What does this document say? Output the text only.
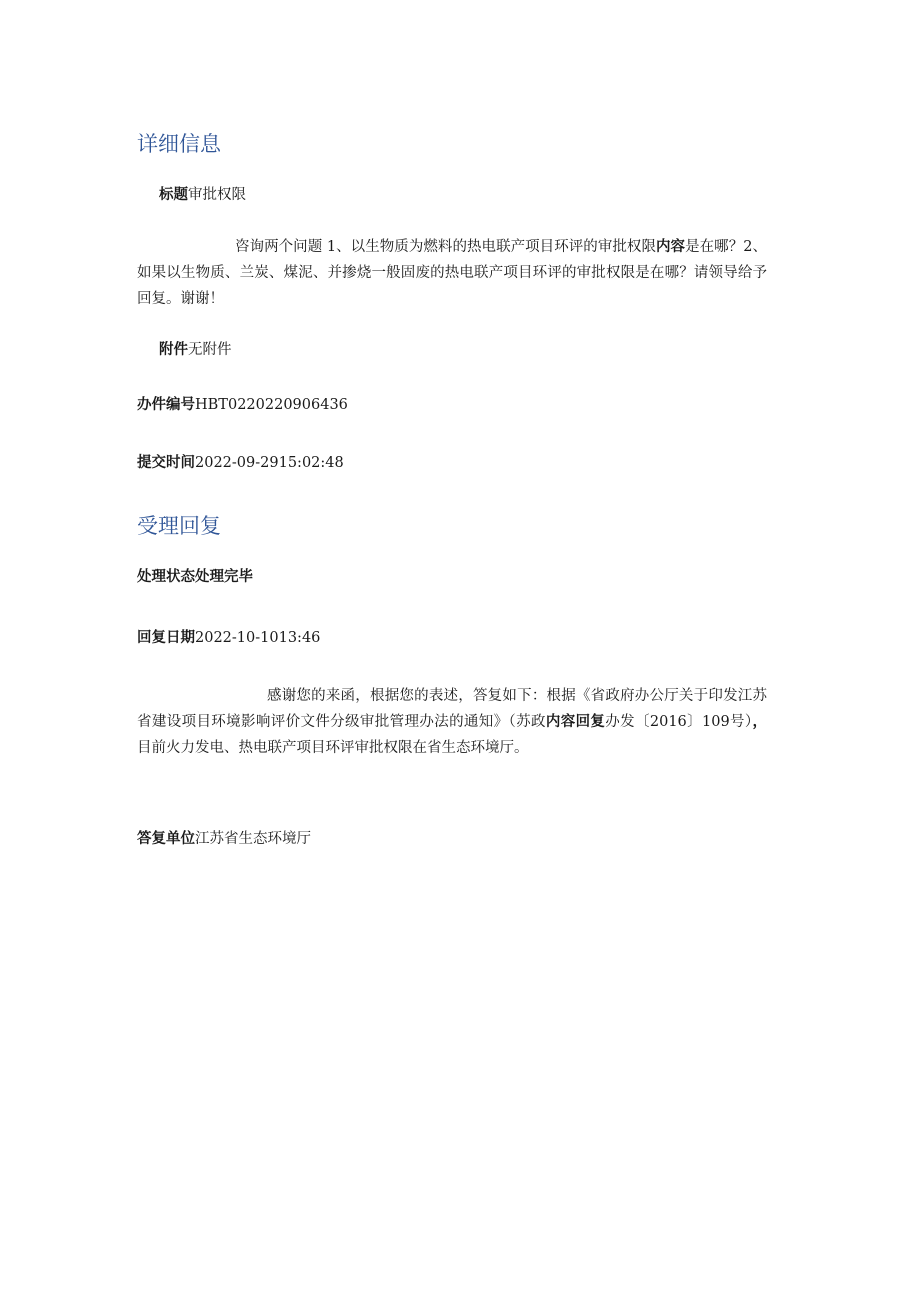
详细信息
标题审批权限

咨询两个问题 1、以生物质为燃料的热电联产项目环评的审批权限内容是在哪？2、如果以生物质、兰炭、煤泥、并掺烧一般固废的热电联产项目环评的审批权限是在哪？请领导给予回复。谢谢！

附件无附件
办件编号HBT0220220906436
提交时间2022-09-2915:02:48
受理回复
处理状态处理完毕
回复日期2022-10-1013:46

感谢您的来函，根据您的表述，答复如下：根据《省政府办公厅关于印发江苏省建设项目环境影响评价文件分级审批管理办法的通知》（苏政内容回复办发〔2016〕109号），目前火力发电、热电联产项目环评审批权限在省生态环境厅。

答复单位江苏省生态环境厅
